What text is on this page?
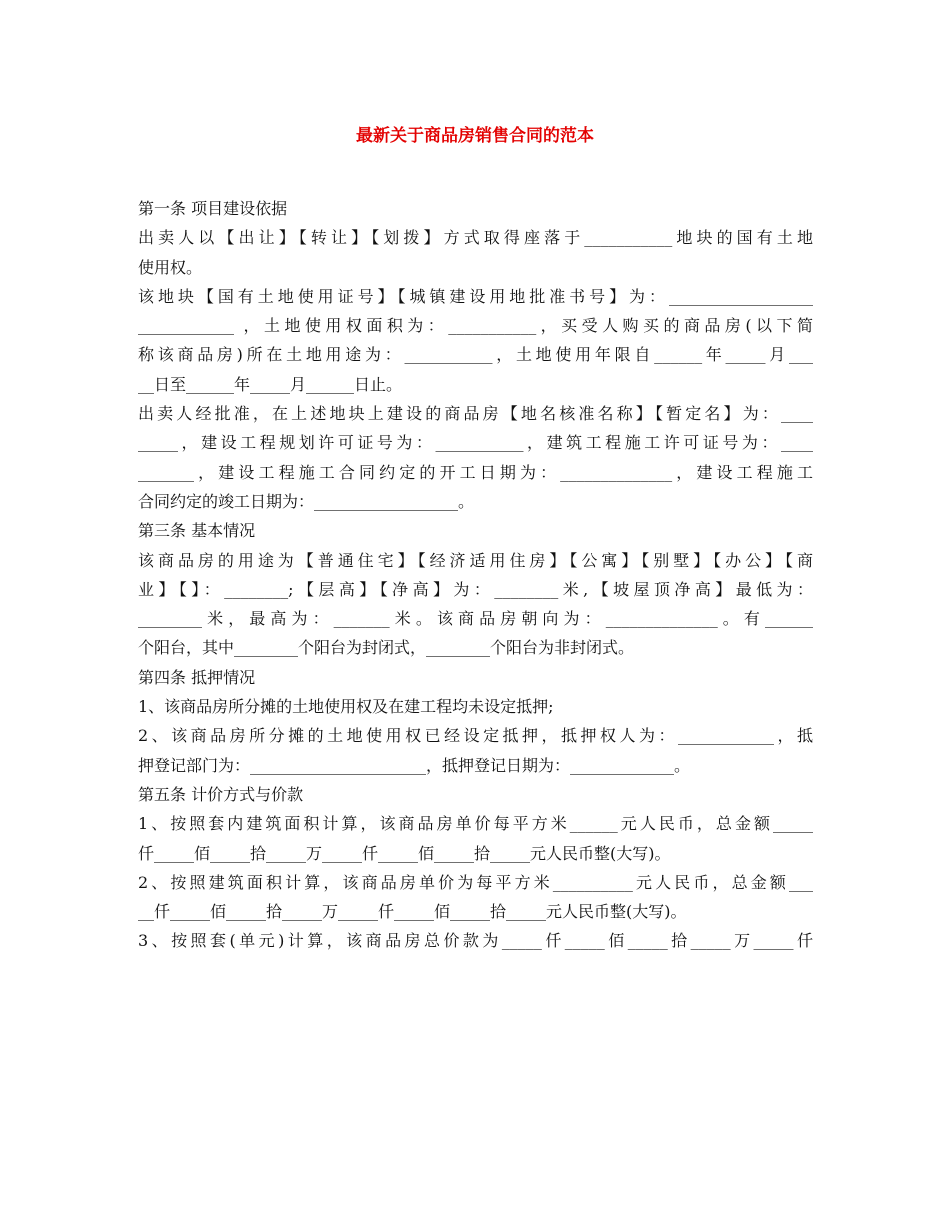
最新关于商品房销售合同的范本
第一条 项目建设依据
出卖人以【出让】【转让】【划拨】方式取得座落于___________地块的国有土地
使用权。
该地块【国有土地使用证号】【城镇建设用地批准书号】为：__________________
____________ ，土地使用权面积为：___________，买受人购买的商品房(以下简
称该商品房)所在土地用途为：___________，土地使用年限自______年_____月___
__日至______年_____月______日止。
出卖人经批准，在上述地块上建设的商品房【地名核准名称】【暂定名】为：____
_____，建设工程规划许可证号为：___________，建筑工程施工许可证号为：____
_______，建设工程施工合同约定的开工日期为：______________，建设工程施工
合同约定的竣工日期为：__________________。
第三条 基本情况
该商品房的用途为【普通住宅】【经济适用住房】【公寓】【别墅】【办公】【商
业】【】：________;【层高】【净高】为：________米,【坡屋顶净高】最低为：
________米，最高为：_______米。该商品房朝向为：______________。有______
个阳台，其中________个阳台为封闭式，________个阳台为非封闭式。
第四条 抵押情况
1、该商品房所分摊的土地使用权及在建工程均未设定抵押;
2、该商品房所分摊的土地使用权已经设定抵押，抵押权人为：____________，抵
押登记部门为：______________________，抵押登记日期为：_____________。
第五条 计价方式与价款
1、按照套内建筑面积计算，该商品房单价每平方米______元人民币，总金额_____
仟_____佰_____拾_____万_____仟_____佰_____拾_____元人民币整(大写)。
2、按照建筑面积计算，该商品房单价为每平方米__________元人民币，总金额___
__仟_____佰_____拾_____万_____仟_____佰_____拾_____元人民币整(大写)。
3、按照套(单元)计算，该商品房总价款为_____仟_____佰_____拾_____万_____仟
